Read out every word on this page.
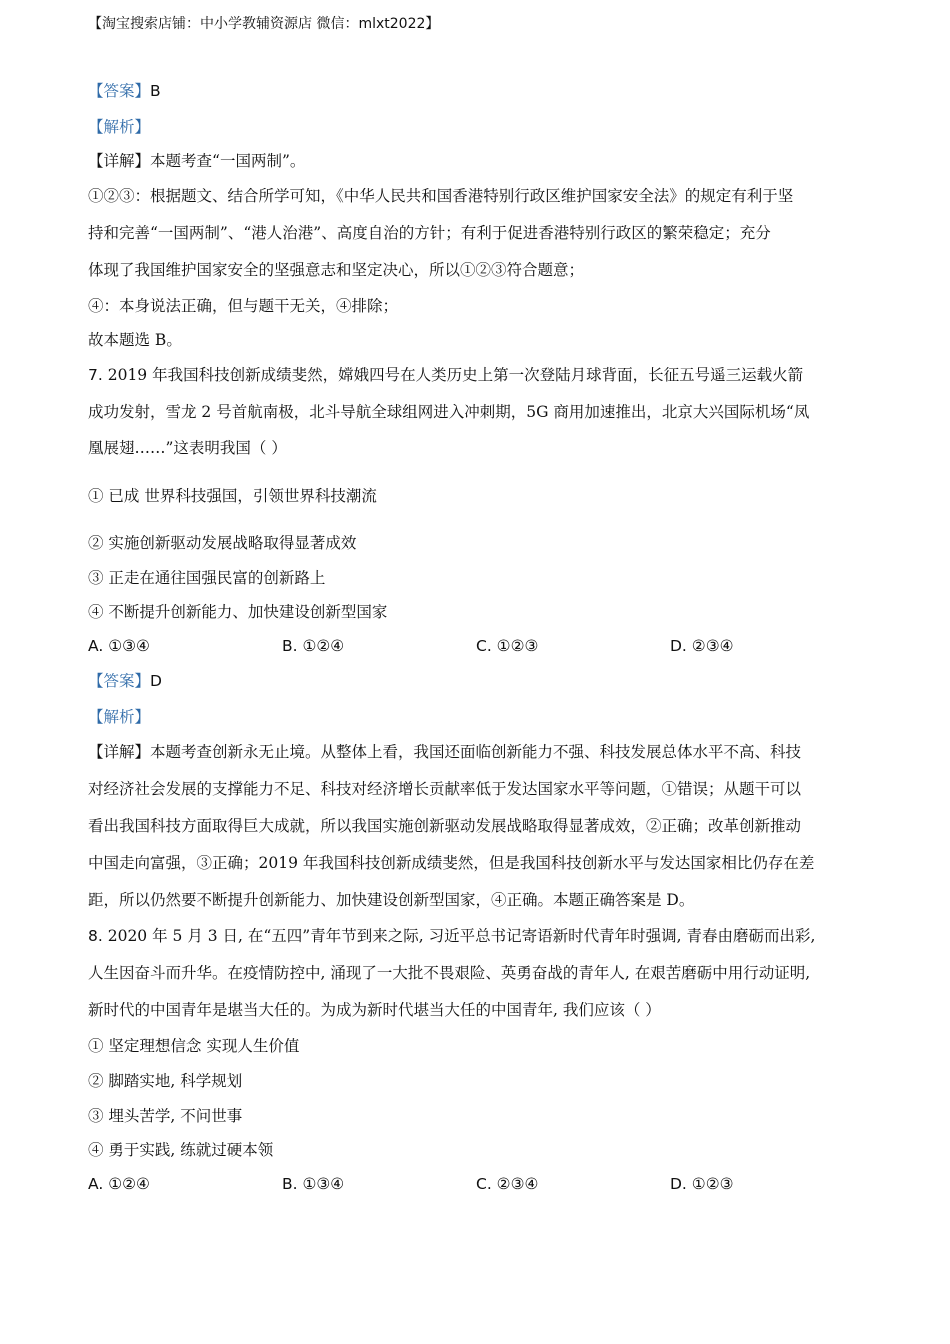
【淘宝搜索店铺：中小学教辅资源店 微信：mlxt2022】
【答案】B
【解析】
【详解】本题考查“一国两制”。
①②③：根据题文、结合所学可知，《中华人民共和国香港特别行政区维护国家安全法》的规定有利于坚
持和完善“一国两制”、“港人治港”、高度自治的方针；有利于促进香港特别行政区的繁荣稳定；充分
体现了我国维护国家安全的坚强意志和坚定决心，所以①②③符合题意；
④：本身说法正确，但与题干无关，④排除；
故本题选 B。
7. 2019 年我国科技创新成绩斐然，嫦娥四号在人类历史上第一次登陆月球背面，长征五号遥三运载火箭
成功发射，雪龙 2 号首航南极，北斗导航全球组网进入冲刺期，5G 商用加速推出，北京大兴国际机场“凤
凰展翅……”这表明我国（ ）
① 已成 世界科技强国，引领世界科技潮流
② 实施创新驱动发展战略取得显著成效
③ 正走在通往国强民富的创新路上
④ 不断提升创新能力、加快建设创新型国家
A. ①③④	B. ①②④	C. ①②③	D. ②③④
【答案】D
【解析】
【详解】本题考查创新永无止境。从整体上看，我国还面临创新能力不强、科技发展总体水平不高、科技
对经济社会发展的支撑能力不足、科技对经济增长贡献率低于发达国家水平等问题，①错误；从题干可以
看出我国科技方面取得巨大成就，所以我国实施创新驱动发展战略取得显著成效，②正确；改革创新推动
中国走向富强，③正确；2019 年我国科技创新成绩斐然，但是我国科技创新水平与发达国家相比仍存在差
距，所以仍然要不断提升创新能力、加快建设创新型国家，④正确。本题正确答案是 D。
8. 2020 年 5 月 3 日, 在“五四”青年节到来之际, 习近平总书记寄语新时代青年时强调, 青春由磨砺而出彩,
人生因奋斗而升华。在疫情防控中, 涌现了一大批不畏艰险、英勇奋战的青年人, 在艰苦磨砺中用行动证明,
新时代的中国青年是堪当大任的。为成为新时代堪当大任的中国青年, 我们应该（ ）
① 坚定理想信念 实现人生价值
② 脚踏实地, 科学规划
③ 埋头苦学, 不问世事
④ 勇于实践, 练就过硬本领
A. ①②④	B. ①③④	C. ②③④	D. ①②③
